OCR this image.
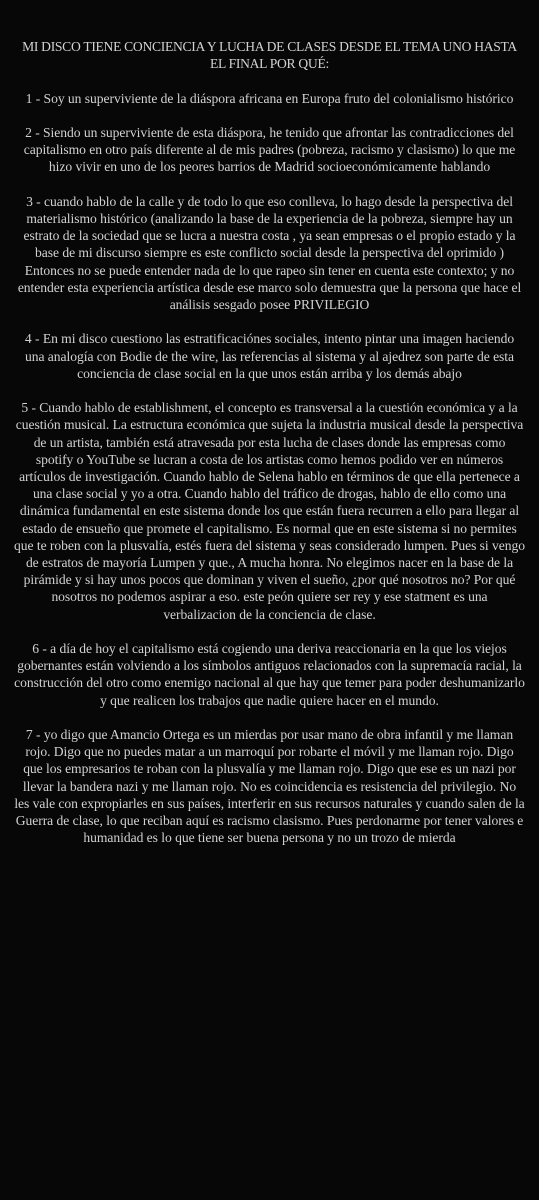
MI DISCO TIENE CONCIENCIA Y LUCHA DE CLASES DESDE EL TEMA UNO HASTA EL FINAL POR QUÉ:

1 - Soy un superviviente de la diáspora africana en Europa fruto del colonialismo histórico

2 - Siendo un superviviente de esta diáspora, he tenido que afrontar las contradicciones del capitalismo en otro país diferente al de mis padres (pobreza, racismo y clasismo) lo que me hizo vivir en uno de los peores barrios de Madrid socioeconómicamente hablando

3 - cuando hablo de la calle y de todo lo que eso conlleva, lo hago desde la perspectiva del materialismo histórico (analizando la base de la experiencia de la pobreza, siempre hay un estrato de la sociedad que se lucra a nuestra costa , ya sean empresas o el propio estado y la base de mi discurso siempre es este conflicto social desde la perspectiva del oprimido )
Entonces no se puede entender nada de lo que rapeo sin tener en cuenta este contexto; y no entender esta experiencia artística desde ese marco solo demuestra que la persona que hace el análisis sesgado posee PRIVILEGIO

4 - En mi disco cuestiono las estratificaciónes sociales, intento pintar una imagen haciendo una analogía con Bodie de the wire, las referencias al sistema y al ajedrez son parte de esta conciencia de clase social en la que unos están arriba y los demás abajo

5 - Cuando hablo de establishment, el concepto es transversal a la cuestión económica y a la cuestión musical. La estructura económica que sujeta la industria musical desde la perspectiva de un artista, también está atravesada por esta lucha de clases donde las empresas como spotify o YouTube se lucran a costa de los artistas como hemos podido ver en números artículos de investigación. Cuando hablo de Selena hablo en términos de que ella pertenece a una clase social y yo a otra. Cuando hablo del tráfico de drogas, hablo de ello como una dinámica fundamental en este sistema donde los que están fuera recurren a ello para llegar al estado de ensueño que promete el capitalismo. Es normal que en este sistema si no permites que te roben con la plusvalía, estés fuera del sistema y seas considerado lumpen. Pues si vengo de estratos de mayoría Lumpen y que., A mucha honra. No elegimos nacer en la base de la pirámide y si hay unos pocos que dominan y viven el sueño, ¿por qué nosotros no? Por qué nosotros no podemos aspirar a eso. este peón quiere ser rey y ese statment es una verbalizacion de la conciencia de clase.

6 - a día de hoy el capitalismo está cogiendo una deriva reaccionaria en la que los viejos gobernantes están volviendo a los símbolos antiguos relacionados con la supremacía racial, la construcción del otro como enemigo nacional al que hay que temer para poder deshumanizarlo y que realicen los trabajos que nadie quiere hacer en el mundo.

7 - yo digo que Amancio Ortega es un mierdas por usar mano de obra infantil y me llaman rojo. Digo que no puedes matar a un marroquí por robarte el móvil y me llaman rojo. Digo que los empresarios te roban con la plusvalía y me llaman rojo. Digo que ese es un nazi por llevar la bandera nazi y me llaman rojo. No es coincidencia es resistencia del privilegio. No les vale con expropiarles en sus países, interferir en sus recursos naturales y cuando salen de la
Guerra de clase, lo que reciban aquí es racismo clasismo. Pues perdonarme por tener valores e humanidad es lo que tiene ser buena persona y no un trozo de mierda
